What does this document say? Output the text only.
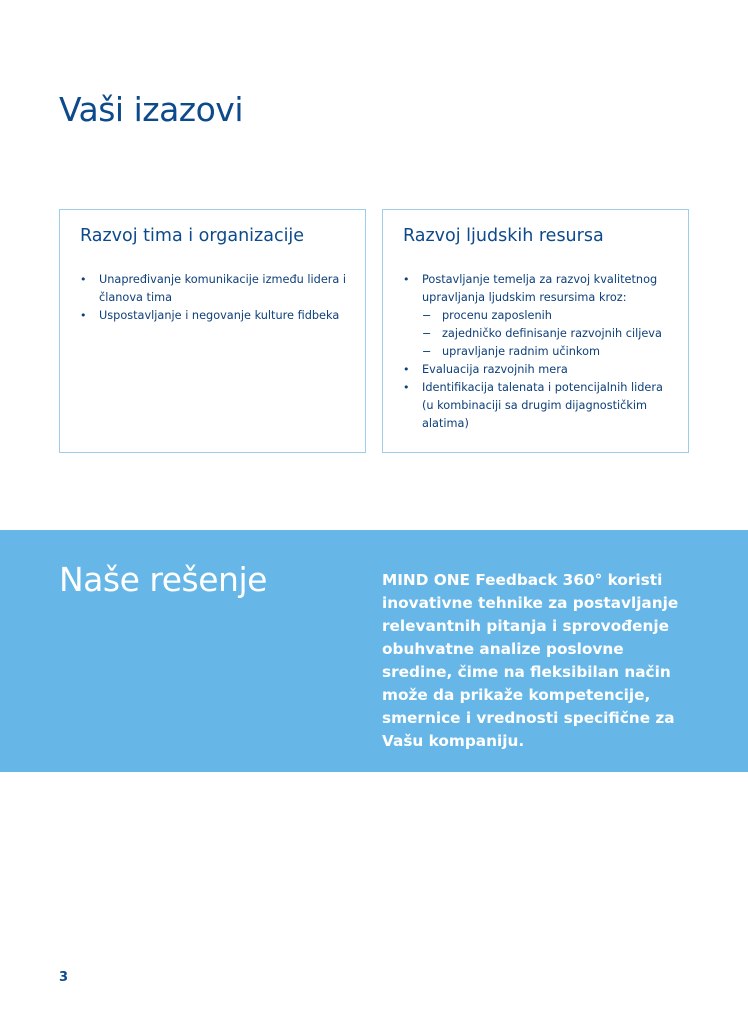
Vaši izazovi
Razvoj tima i organizacije
• Unapređivanje komunikacije između lidera i članova tima
• Uspostavljanje i negovanje kulture fidbeka
Razvoj ljudskih resursa
• Postavljanje temelja za razvoj kvalitetnog upravljanja ljudskim resursima kroz:
− procenu zaposlenih
− zajedničko definisanje razvojnih ciljeva
− upravljanje radnim učinkom
• Evaluacija razvojnih mera
• Identifikacija talenata i potencijalnih lidera (u kombinaciji sa drugim dijagnostičkim alatima)
Naše rešenje	MIND ONE Feedback 360° koristi inovativne tehnike za postavljanje relevantnih pitanja i sprovođenje obuhvatne analize poslovne sredine, čime na fleksibilan način može da prikaže kompetencije, smernice i vrednosti specifične za Vašu kompaniju.

3
